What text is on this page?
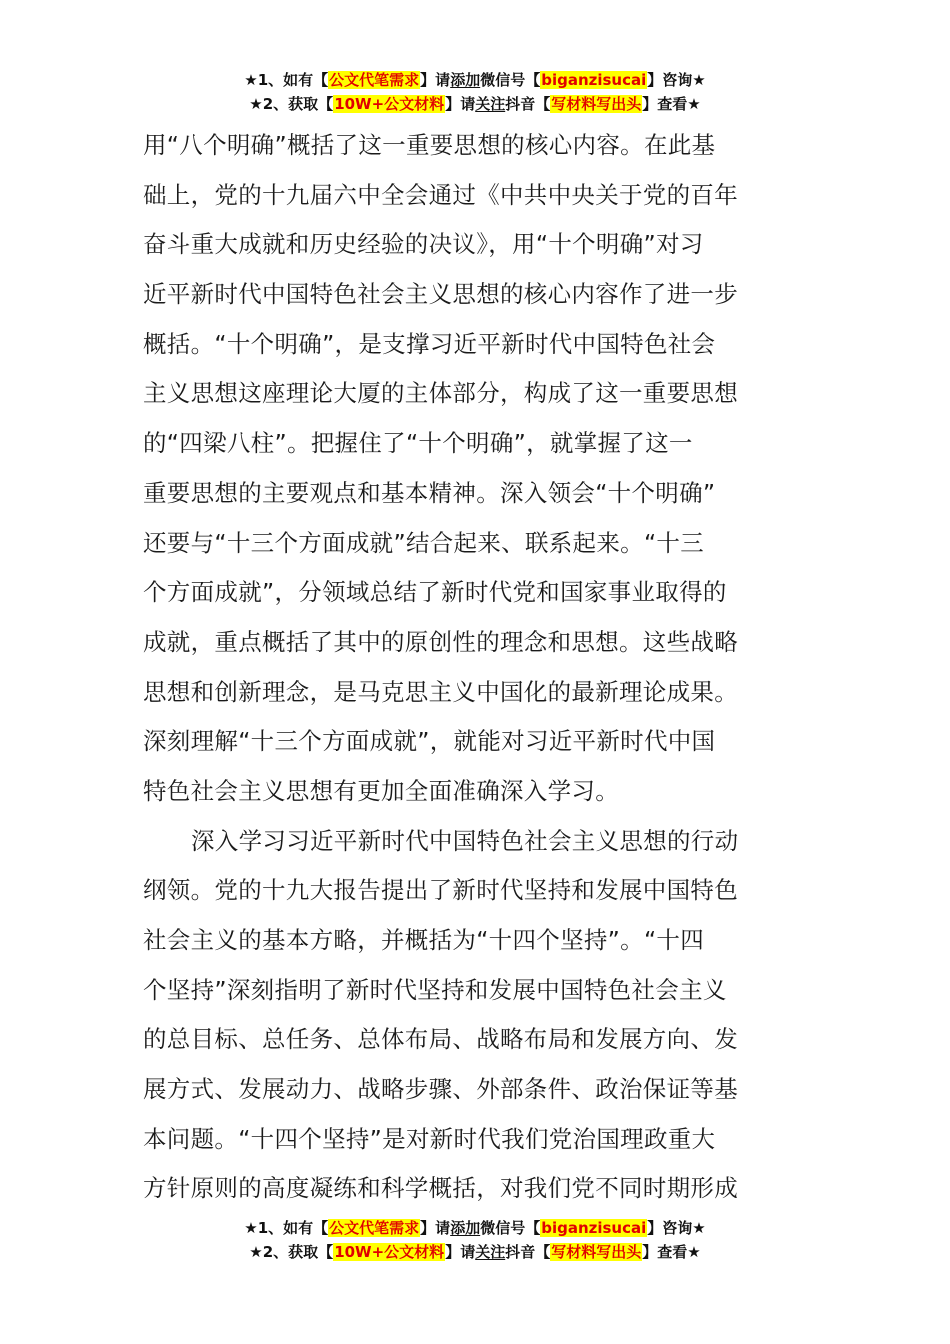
★1、如有【公文代笔需求】请添加微信号【biganzisucai】咨询★
★2、获取【10W+公文材料】请关注抖音【写材料写出头】查看★
用“八个明确”概括了这一重要思想的核心内容。在此基
础上，党的十九届六中全会通过《中共中央关于党的百年
奋斗重大成就和历史经验的决议》，用“十个明确”对习
近平新时代中国特色社会主义思想的核心内容作了进一步
概括。“十个明确”，是支撑习近平新时代中国特色社会
主义思想这座理论大厦的主体部分，构成了这一重要思想
的“四梁八柱”。把握住了“十个明确”，就掌握了这一
重要思想的主要观点和基本精神。深入领会“十个明确”
还要与“十三个方面成就”结合起来、联系起来。“十三
个方面成就”，分领域总结了新时代党和国家事业取得的
成就，重点概括了其中的原创性的理念和思想。这些战略
思想和创新理念，是马克思主义中国化的最新理论成果。
深刻理解“十三个方面成就”，就能对习近平新时代中国
特色社会主义思想有更加全面准确深入学习。
深入学习习近平新时代中国特色社会主义思想的行动
纲领。党的十九大报告提出了新时代坚持和发展中国特色
社会主义的基本方略，并概括为“十四个坚持”。“十四
个坚持”深刻指明了新时代坚持和发展中国特色社会主义
的总目标、总任务、总体布局、战略布局和发展方向、发
展方式、发展动力、战略步骤、外部条件、政治保证等基
本问题。“十四个坚持”是对新时代我们党治国理政重大
方针原则的高度凝练和科学概括，对我们党不同时期形成
★1、如有【公文代笔需求】请添加微信号【biganzisucai】咨询★
★2、获取【10W+公文材料】请关注抖音【写材料写出头】查看★
